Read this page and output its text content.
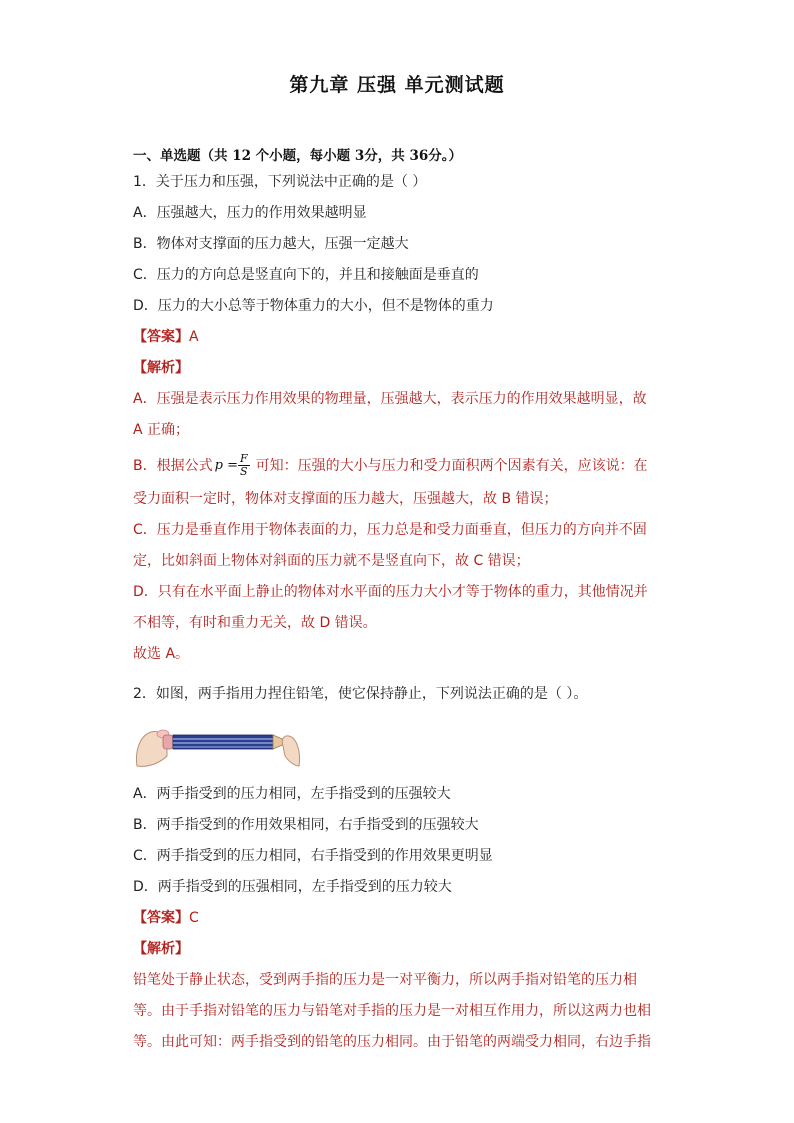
第九章 压强 单元测试题
一、单选题（共 12 个小题，每小题 3分，共 36分。）
1．关于压力和压强，下列说法中正确的是（ ）
A．压强越大，压力的作用效果越明显
B．物体对支撑面的压力越大，压强一定越大
C．压力的方向总是竖直向下的，并且和接触面是垂直的
D．压力的大小总等于物体重力的大小，但不是物体的重力
【答案】A
【解析】
A．压强是表示压力作用效果的物理量，压强越大，表示压力的作用效果越明显，故
A 正确；
B．根据公式 $p = \frac{F}{S}$ 可知：压强的大小与压力和受力面积两个因素有关，应该说：在
受力面积一定时，物体对支撑面的压力越大，压强越大，故 B 错误；
C．压力是垂直作用于物体表面的力，压力总是和受力面垂直，但压力的方向并不固
定，比如斜面上物体对斜面的压力就不是竖直向下，故 C 错误；
D．只有在水平面上静止的物体对水平面的压力大小才等于物体的重力，其他情况并
不相等，有时和重力无关，故 D 错误。
故选 A。
2．如图，两手指用力捏住铅笔，使它保持静止，下列说法正确的是（ ）。
A．两手指受到的压力相同，左手指受到的压强较大
B．两手指受到的作用效果相同，右手指受到的压强较大
C．两手指受到的压力相同，右手指受到的作用效果更明显
D．两手指受到的压强相同，左手指受到的压力较大
【答案】C
【解析】
铅笔处于静止状态，受到两手指的压力是一对平衡力，所以两手指对铅笔的压力相
等。由于手指对铅笔的压力与铅笔对手指的压力是一对相互作用力，所以这两力也相
等。由此可知：两手指受到的铅笔的压力相同。由于铅笔的两端受力相同，右边手指
